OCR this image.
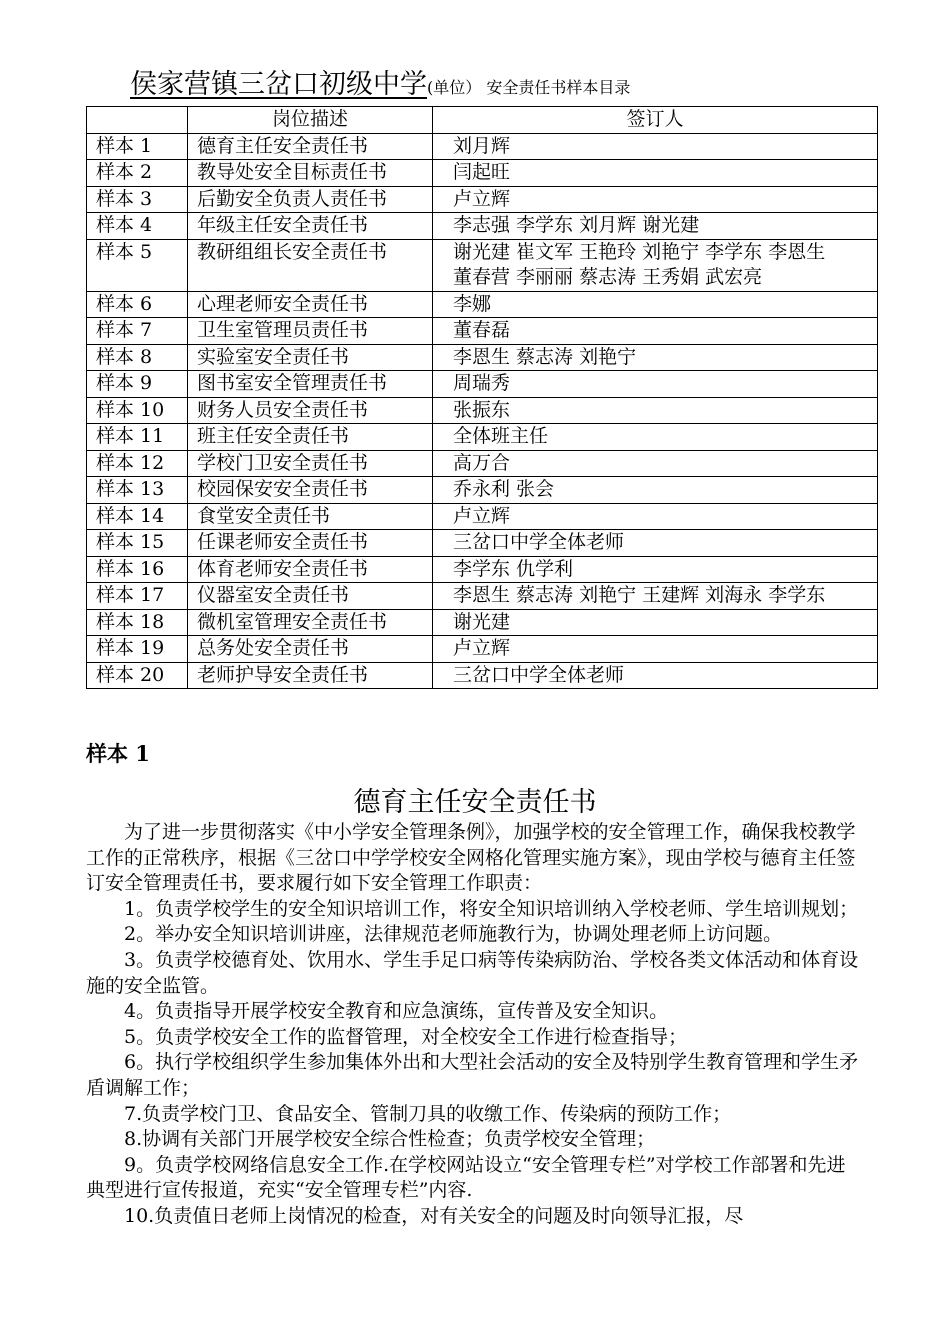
侯家营镇三岔口初级中学(单位） 安全责任书样本目录
	岗位描述	签订人
样本 1	德育主任安全责任书	刘月辉
样本 2	教导处安全目标责任书	闫起旺
样本 3	后勤安全负责人责任书	卢立辉
样本 4	年级主任安全责任书	李志强 李学东 刘月辉 谢光建
样本 5	教研组组长安全责任书	谢光建 崔文军 王艳玲 刘艳宁 李学东 李恩生 董春营 李丽丽 蔡志涛 王秀娟 武宏亮
样本 6	心理老师安全责任书	李娜
样本 7	卫生室管理员责任书	董春磊
样本 8	实验室安全责任书	李恩生 蔡志涛 刘艳宁
样本 9	图书室安全管理责任书	周瑞秀
样本 10	财务人员安全责任书	张振东
样本 11	班主任安全责任书	全体班主任
样本 12	学校门卫安全责任书	高万合
样本 13	校园保安安全责任书	乔永利 张会
样本 14	食堂安全责任书	卢立辉
样本 15	任课老师安全责任书	三岔口中学全体老师
样本 16	体育老师安全责任书	李学东 仇学利
样本 17	仪器室安全责任书	李恩生 蔡志涛 刘艳宁 王建辉 刘海永 李学东
样本 18	微机室管理安全责任书	谢光建
样本 19	总务处安全责任书	卢立辉
样本 20	老师护导安全责任书	三岔口中学全体老师
样本 1
德育主任安全责任书

为了进一步贯彻落实《中小学安全管理条例》，加强学校的安全管理工作，确保我校教学工作的正常秩序，根据《三岔口中学学校安全网格化管理实施方案》，现由学校与德育主任签订安全管理责任书，要求履行如下安全管理工作职责：

1。负责学校学生的安全知识培训工作，将安全知识培训纳入学校老师、学生培训规划；

2。举办安全知识培训讲座，法律规范老师施教行为，协调处理老师上访问题。

3。负责学校德育处、饮用水、学生手足口病等传染病防治、学校各类文体活动和体育设施的安全监管。

4。负责指导开展学校安全教育和应急演练，宣传普及安全知识。

5。负责学校安全工作的监督管理，对全校安全工作进行检查指导；

6。执行学校组织学生参加集体外出和大型社会活动的安全及特别学生教育管理和学生矛盾调解工作；

7.负责学校门卫、食品安全、管制刀具的收缴工作、传染病的预防工作；

8.协调有关部门开展学校安全综合性检查；负责学校安全管理；

9。负责学校网络信息安全工作.在学校网站设立“安全管理专栏”对学校工作部署和先进典型进行宣传报道，充实“安全管理专栏”内容.

10.负责值日老师上岗情况的检查，对有关安全的问题及时向领导汇报，尽
